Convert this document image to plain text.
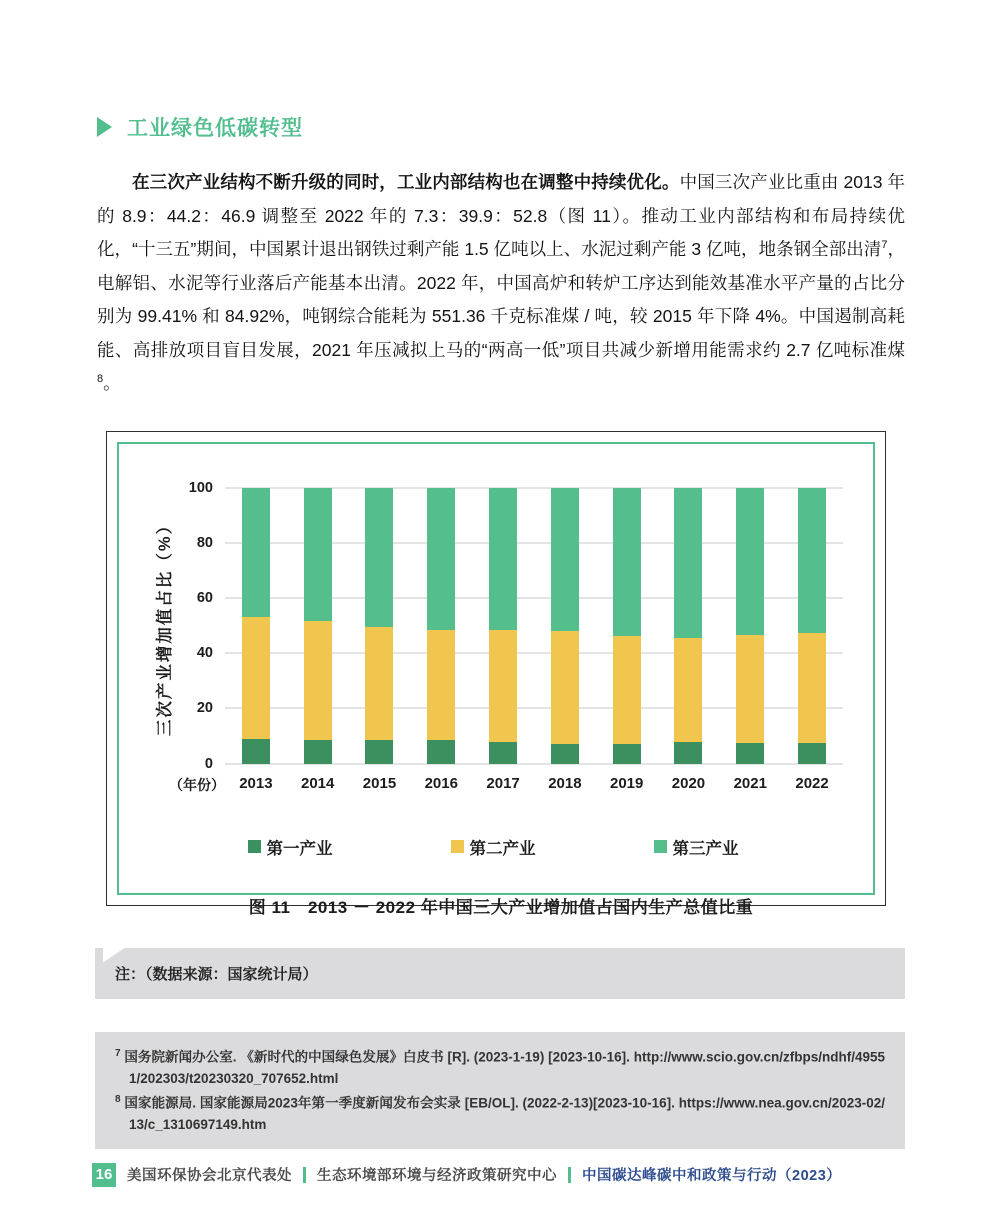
工业绿色低碳转型

在三次产业结构不断升级的同时，工业内部结构也在调整中持续优化。中国三次产业比重由 2013 年的 8.9：44.2：46.9 调整至 2022 年的 7.3：39.9：52.8（图 11）。推动工业内部结构和布局持续优化，“十三五”期间，中国累计退出钢铁过剩产能 1.5 亿吨以上、水泥过剩产能 3 亿吨，地条钢全部出清$^7$，电解铝、水泥等行业落后产能基本出清。2022 年，中国高炉和转炉工序达到能效基准水平产量的占比分别为 99.41% 和 84.92%，吨钢综合能耗为 551.36 千克标准煤 / 吨，较 2015 年下降 4%。中国遏制高耗能、高排放项目盲目发展，2021 年压减拟上马的“两高一低”项目共减少新增用能需求约 2.7 亿吨标准煤$^8$。

三次产业增加值占比（%）
0
20
40
60
80
100
（年份） 2013	2014	2015	2016	2017	2018	2019	2020	2021	2022
第一产业	第二产业	第三产业
图 11　2013 － 2022 年中国三大产业增加值占国内生产总值比重
注：（数据来源：国家统计局）

$^7$ 国务院新闻办公室. 《新时代的中国绿色发展》白皮书 [R]. (2023-1-19) [2023-10-16]. http://www.scio.gov.cn/zfbps/ndhf/49551/202303/t20230320_707652.html

$^8$ 国家能源局. 国家能源局2023年第一季度新闻发布会实录 [EB/OL]. (2022-2-13)[2023-10-16]. https://www.nea.gov.cn/2023-02/13/c_1310697149.htm

16 美国环保协会北京代表处 生态环境部环境与经济政策研究中心 中国碳达峰碳中和政策与行动（2023）
